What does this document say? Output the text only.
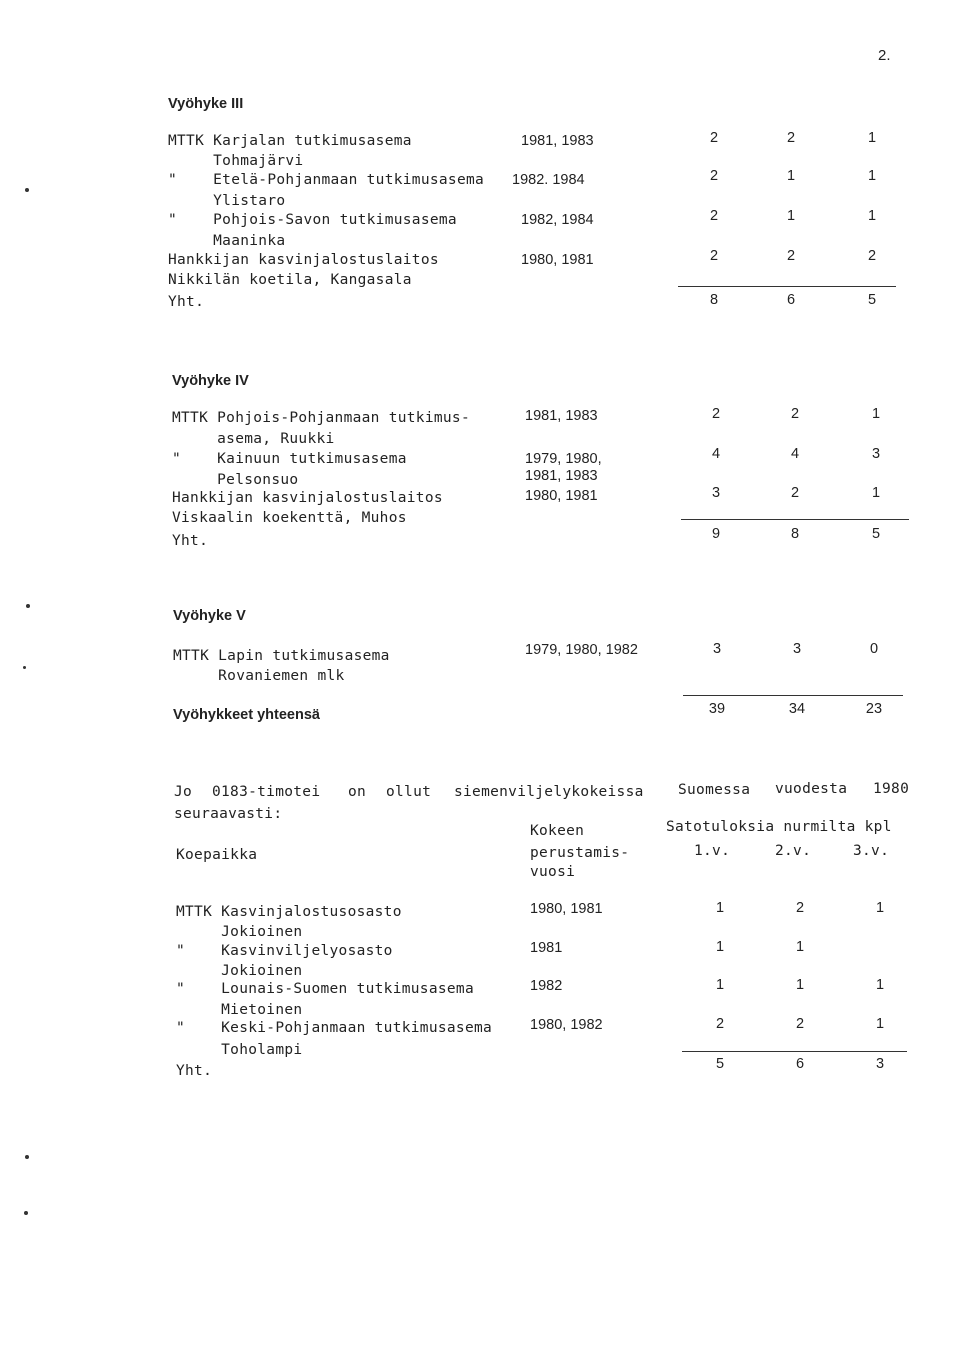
2.
Vyöhyke III
MTTK Karjalan tutkimusasema
Tohmajärvi
1981, 1983	2	2	1
"    Etelä-Pohjanmaan tutkimusasema
Ylistaro
1982. 1984	2	1	1
"    Pohjois-Savon tutkimusasema
Maaninka
1982, 1984	2	1	1
Hankkijan kasvinjalostuslaitos
Nikkilän koetila, Kangasala
1980, 1981	2	2	2
Yht.	8	6	5
Vyöhyke IV
MTTK Pohjois-Pohjanmaan tutkimus-
asema, Ruukki
1981, 1983	2	2	1
"    Kainuun tutkimusasema
Pelsonsuo
1979, 1980,
1981, 1983
4	4	3
Hankkijan kasvinjalostuslaitos
Viskaalin koekenttä, Muhos
1980, 1981	3	2	1
Yht.	9	8	5
Vyöhyke V
MTTK Lapin tutkimusasema
Rovaniemen mlk
1979, 1980, 1982	3	3	0
Vyöhykkeet yhteensä	39	34	23
Jo 0183-timotei on ollut siemenviljelykokeissa Suomessa vuodesta 1980
seuraavasti:
Kokeen
perustamis-
vuosi
Satotuloksia nurmilta kpl
1.v.	2.v.	3.v.
Koepaikka
MTTK Kasvinjalostusosasto
Jokioinen
1980, 1981	1	2	1
"    Kasvinviljelyosasto
Jokioinen
1981	1	1
"    Lounais-Suomen tutkimusasema
Mietoinen
1982	1	1	1
"    Keski-Pohjanmaan tutkimusasema
Toholampi
1980, 1982	2	2	1
Yht.	5	6	3
